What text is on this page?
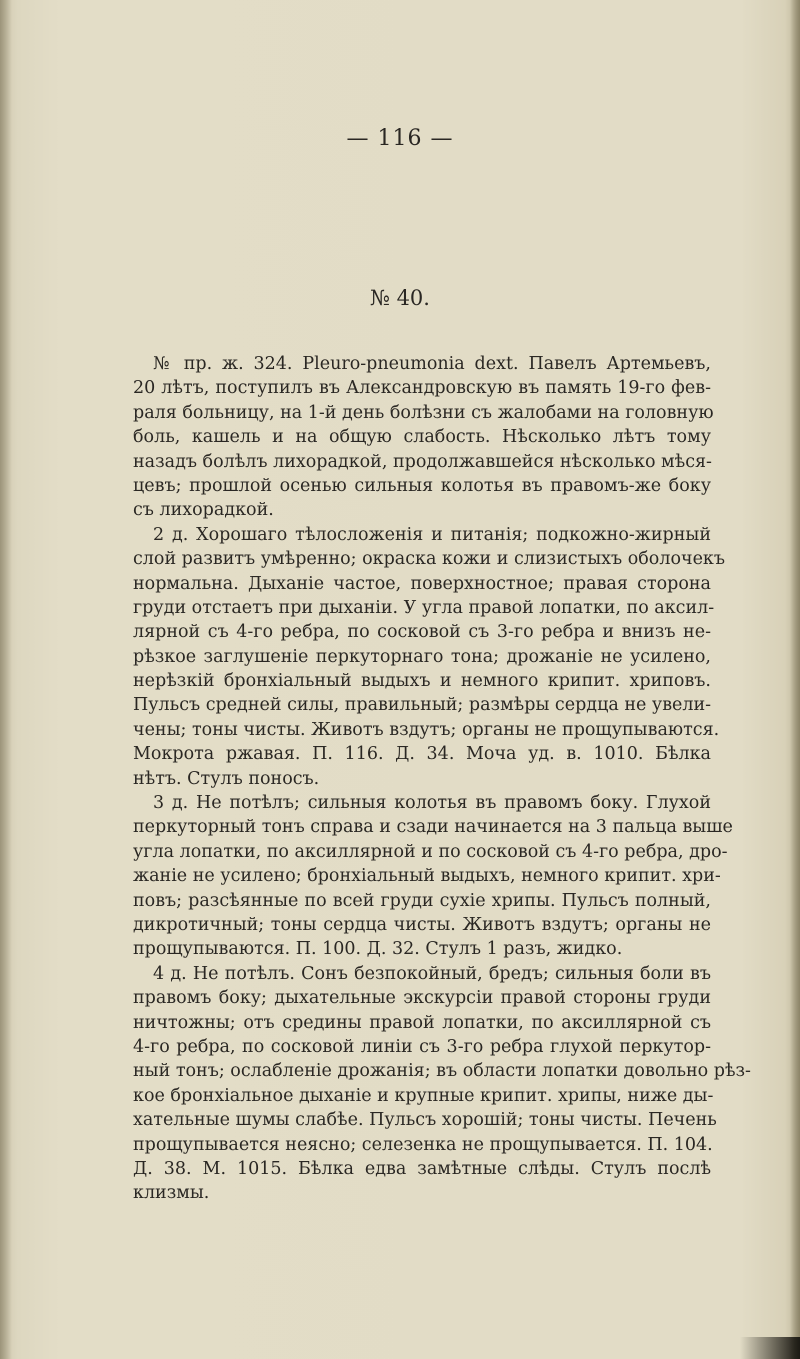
— 116 —
№ 40.
№ пр. ж. 324. Pleuro-pneumonia dext. Павелъ Артемьевъ,
20 лѣтъ, поступилъ въ Александровскую въ память 19-го фев-
раля больницу, на 1-й день болѣзни съ жалобами на головную
боль, кашель и на общую слабость. Нѣсколько лѣтъ тому
назадъ болѣлъ лихорадкой, продолжавшейся нѣсколько мѣся-
цевъ; прошлой осенью сильныя колотья въ правомъ-же боку
съ лихорадкой.
2 д. Хорошаго тѣлосложенія и питанія; подкожно-жирный
слой развитъ умѣренно; окраска кожи и слизистыхъ оболочекъ
нормальна. Дыханіе частое, поверхностное; правая сторона
груди отстаетъ при дыханіи. У угла правой лопатки, по аксил-
лярной съ 4-го ребра, по сосковой съ 3-го ребра и внизъ не-
рѣзкое заглушеніе перкуторнаго тона; дрожаніе не усилено,
нерѣзкій бронхіальный выдыхъ и немного крипит. хриповъ.
Пульсъ средней силы, правильный; размѣры сердца не увели-
чены; тоны чисты. Животъ вздутъ; органы не прощупываются.
Мокрота ржавая. П. 116. Д. 34. Моча уд. в. 1010. Бѣлка
нѣтъ. Стулъ поносъ.
3 д. Не потѣлъ; сильныя колотья въ правомъ боку. Глухой
перкуторный тонъ справа и сзади начинается на 3 пальца выше
угла лопатки, по аксиллярной и по сосковой съ 4-го ребра, дро-
жаніе не усилено; бронхіальный выдыхъ, немного крипит. хри-
повъ; разсѣянные по всей груди сухіе хрипы. Пульсъ полный,
дикротичный; тоны сердца чисты. Животъ вздутъ; органы не
прощупываются. П. 100. Д. 32. Стулъ 1 разъ, жидко.
4 д. Не потѣлъ. Сонъ безпокойный, бредъ; сильныя боли въ
правомъ боку; дыхательные экскурсіи правой стороны груди
ничтожны; отъ средины правой лопатки, по аксиллярной съ
4-го ребра, по сосковой линіи съ 3-го ребра глухой перкутор-
ный тонъ; ослабленіе дрожанія; въ области лопатки довольно рѣз-
кое бронхіальное дыханіе и крупные крипит. хрипы, ниже ды-
хательные шумы слабѣе. Пульсъ хорошій; тоны чисты. Печень
прощупывается неясно; селезенка не прощупывается. П. 104.
Д. 38. М. 1015. Бѣлка едва замѣтные слѣды. Стулъ послѣ
клизмы.
